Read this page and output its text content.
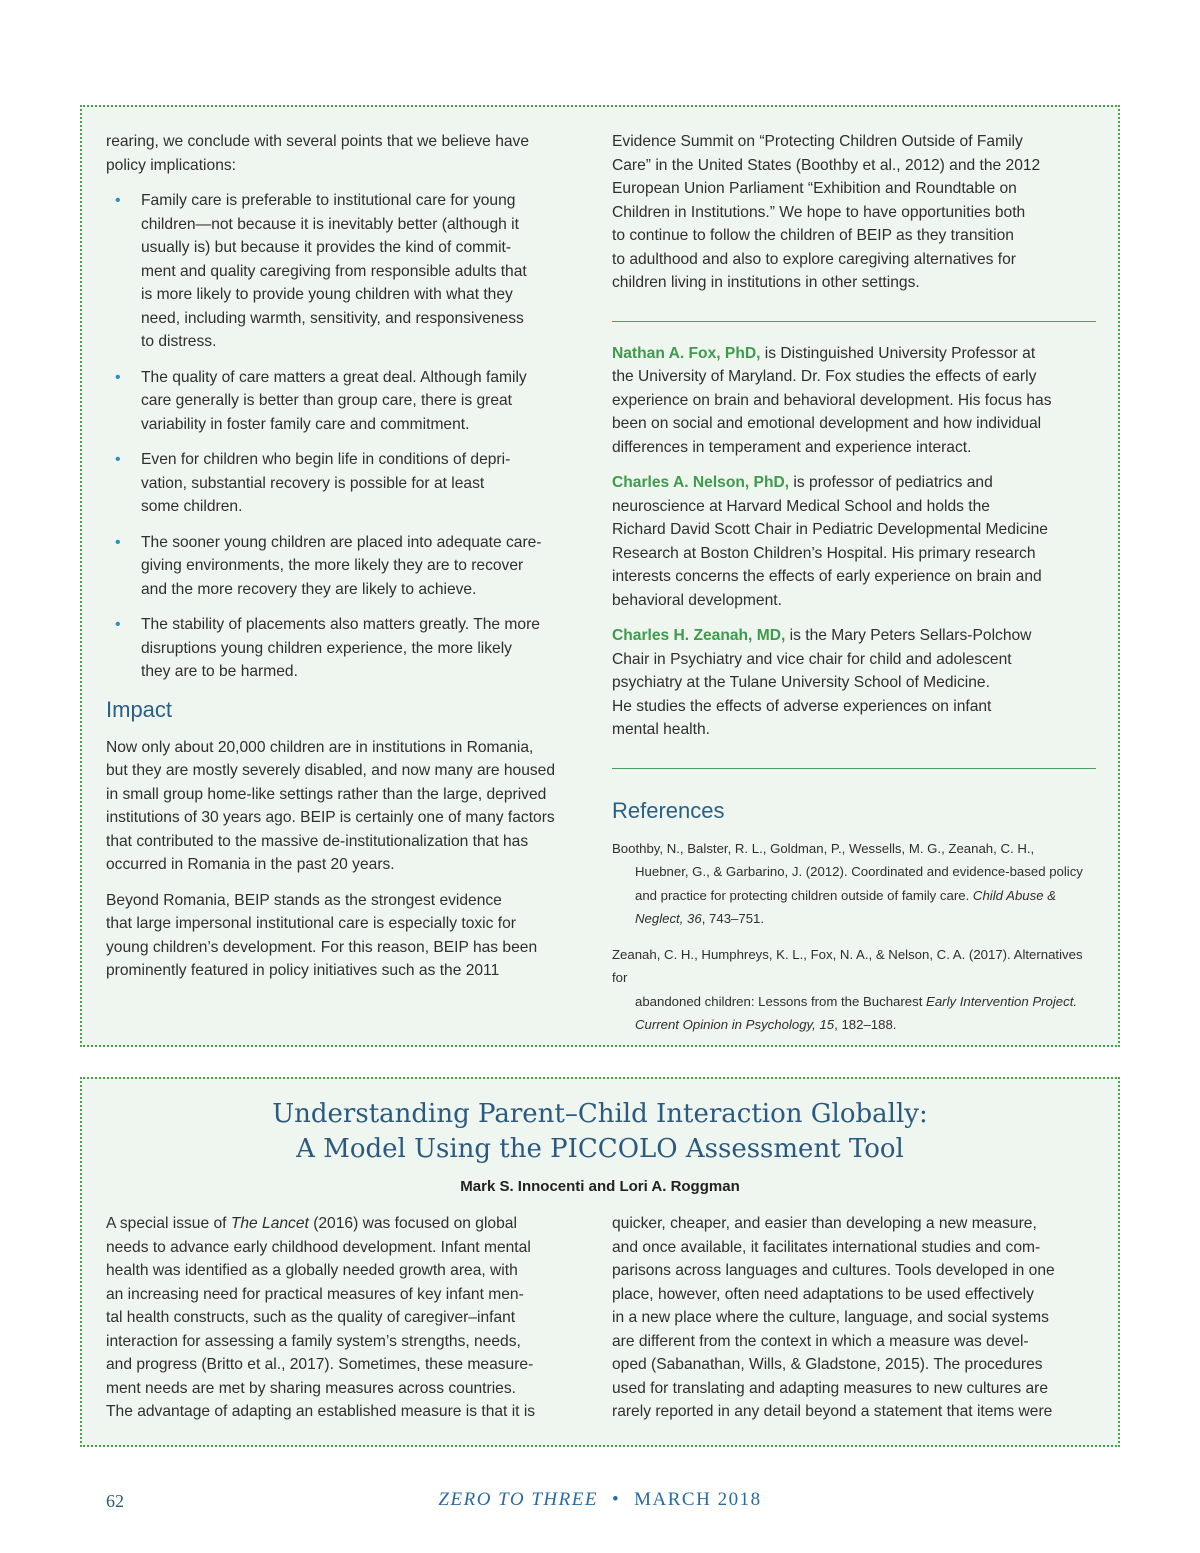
rearing, we conclude with several points that we believe have
policy implications:

• Family care is preferable to institutional care for young
children—not because it is inevitably better (although it
usually is) but because it provides the kind of commit-
ment and quality caregiving from responsible adults that
is more likely to provide young children with what they
need, including warmth, sensitivity, and responsiveness
to distress.
• The quality of care matters a great deal. Although family
care generally is better than group care, there is great
variability in foster family care and commitment.
• Even for children who begin life in conditions of depri-
vation, substantial recovery is possible for at least
some children.
• The sooner young children are placed into adequate care-
giving environments, the more likely they are to recover
and the more recovery they are likely to achieve.
• The stability of placements also matters greatly. The more
disruptions young children experience, the more likely
they are to be harmed.
Impact

Now only about 20,000 children are in institutions in Romania,
but they are mostly severely disabled, and now many are housed
in small group home-like settings rather than the large, deprived
institutions of 30 years ago. BEIP is certainly one of many factors
that contributed to the massive de-institutionalization that has
occurred in Romania in the past 20 years.

Beyond Romania, BEIP stands as the strongest evidence
that large impersonal institutional care is especially toxic for
young children’s development. For this reason, BEIP has been
prominently featured in policy initiatives such as the 2011

Evidence Summit on “Protecting Children Outside of Family
Care” in the United States (Boothby et al., 2012) and the 2012
European Union Parliament “Exhibition and Roundtable on
Children in Institutions.” We hope to have opportunities both
to continue to follow the children of BEIP as they transition
to adulthood and also to explore caregiving alternatives for
children living in institutions in other settings.

Nathan A. Fox, PhD, is Distinguished University Professor at
the University of Maryland. Dr. Fox studies the effects of early
experience on brain and behavioral development. His focus has
been on social and emotional development and how individual
differences in temperament and experience interact.

Charles A. Nelson, PhD, is professor of pediatrics and
neuroscience at Harvard Medical School and holds the
Richard David Scott Chair in Pediatric Developmental Medicine
Research at Boston Children’s Hospital. His primary research
interests concerns the effects of early experience on brain and
behavioral development.

Charles H. Zeanah, MD, is the Mary Peters Sellars-Polchow
Chair in Psychiatry and vice chair for child and adolescent
psychiatry at the Tulane University School of Medicine.
He studies the effects of adverse experiences on infant
mental health.

References

Boothby, N., Balster, R. L., Goldman, P., Wessells, M. G., Zeanah, C. H.,
Huebner, G., & Garbarino, J. (2012). Coordinated and evidence-based policy
and practice for protecting children outside of family care. Child Abuse &
Neglect, 36, 743–751.

Zeanah, C. H., Humphreys, K. L., Fox, N. A., & Nelson, C. A. (2017). Alternatives for
abandoned children: Lessons from the Bucharest Early Intervention Project.
Current Opinion in Psychology, 15, 182–188.

Understanding Parent–Child Interaction Globally:
A Model Using the PICCOLO Assessment Tool
Mark S. Innocenti and Lori A. Roggman

A special issue of The Lancet (2016) was focused on global
needs to advance early childhood development. Infant mental
health was identified as a globally needed growth area, with
an increasing need for practical measures of key infant men-
tal health constructs, such as the quality of caregiver–infant
interaction for assessing a family system’s strengths, needs,
and progress (Britto et al., 2017). Sometimes, these measure-
ment needs are met by sharing measures across countries.
The advantage of adapting an established measure is that it is

quicker, cheaper, and easier than developing a new measure,
and once available, it facilitates international studies and com-
parisons across languages and cultures. Tools developed in one
place, however, often need adaptations to be used effectively
in a new place where the culture, language, and social systems
are different from the context in which a measure was devel-
oped (Sabanathan, Wills, & Gladstone, 2015). The procedures
used for translating and adapting measures to new cultures are
rarely reported in any detail beyond a statement that items were

62	ZERO TO THREE • MARCH 2018
